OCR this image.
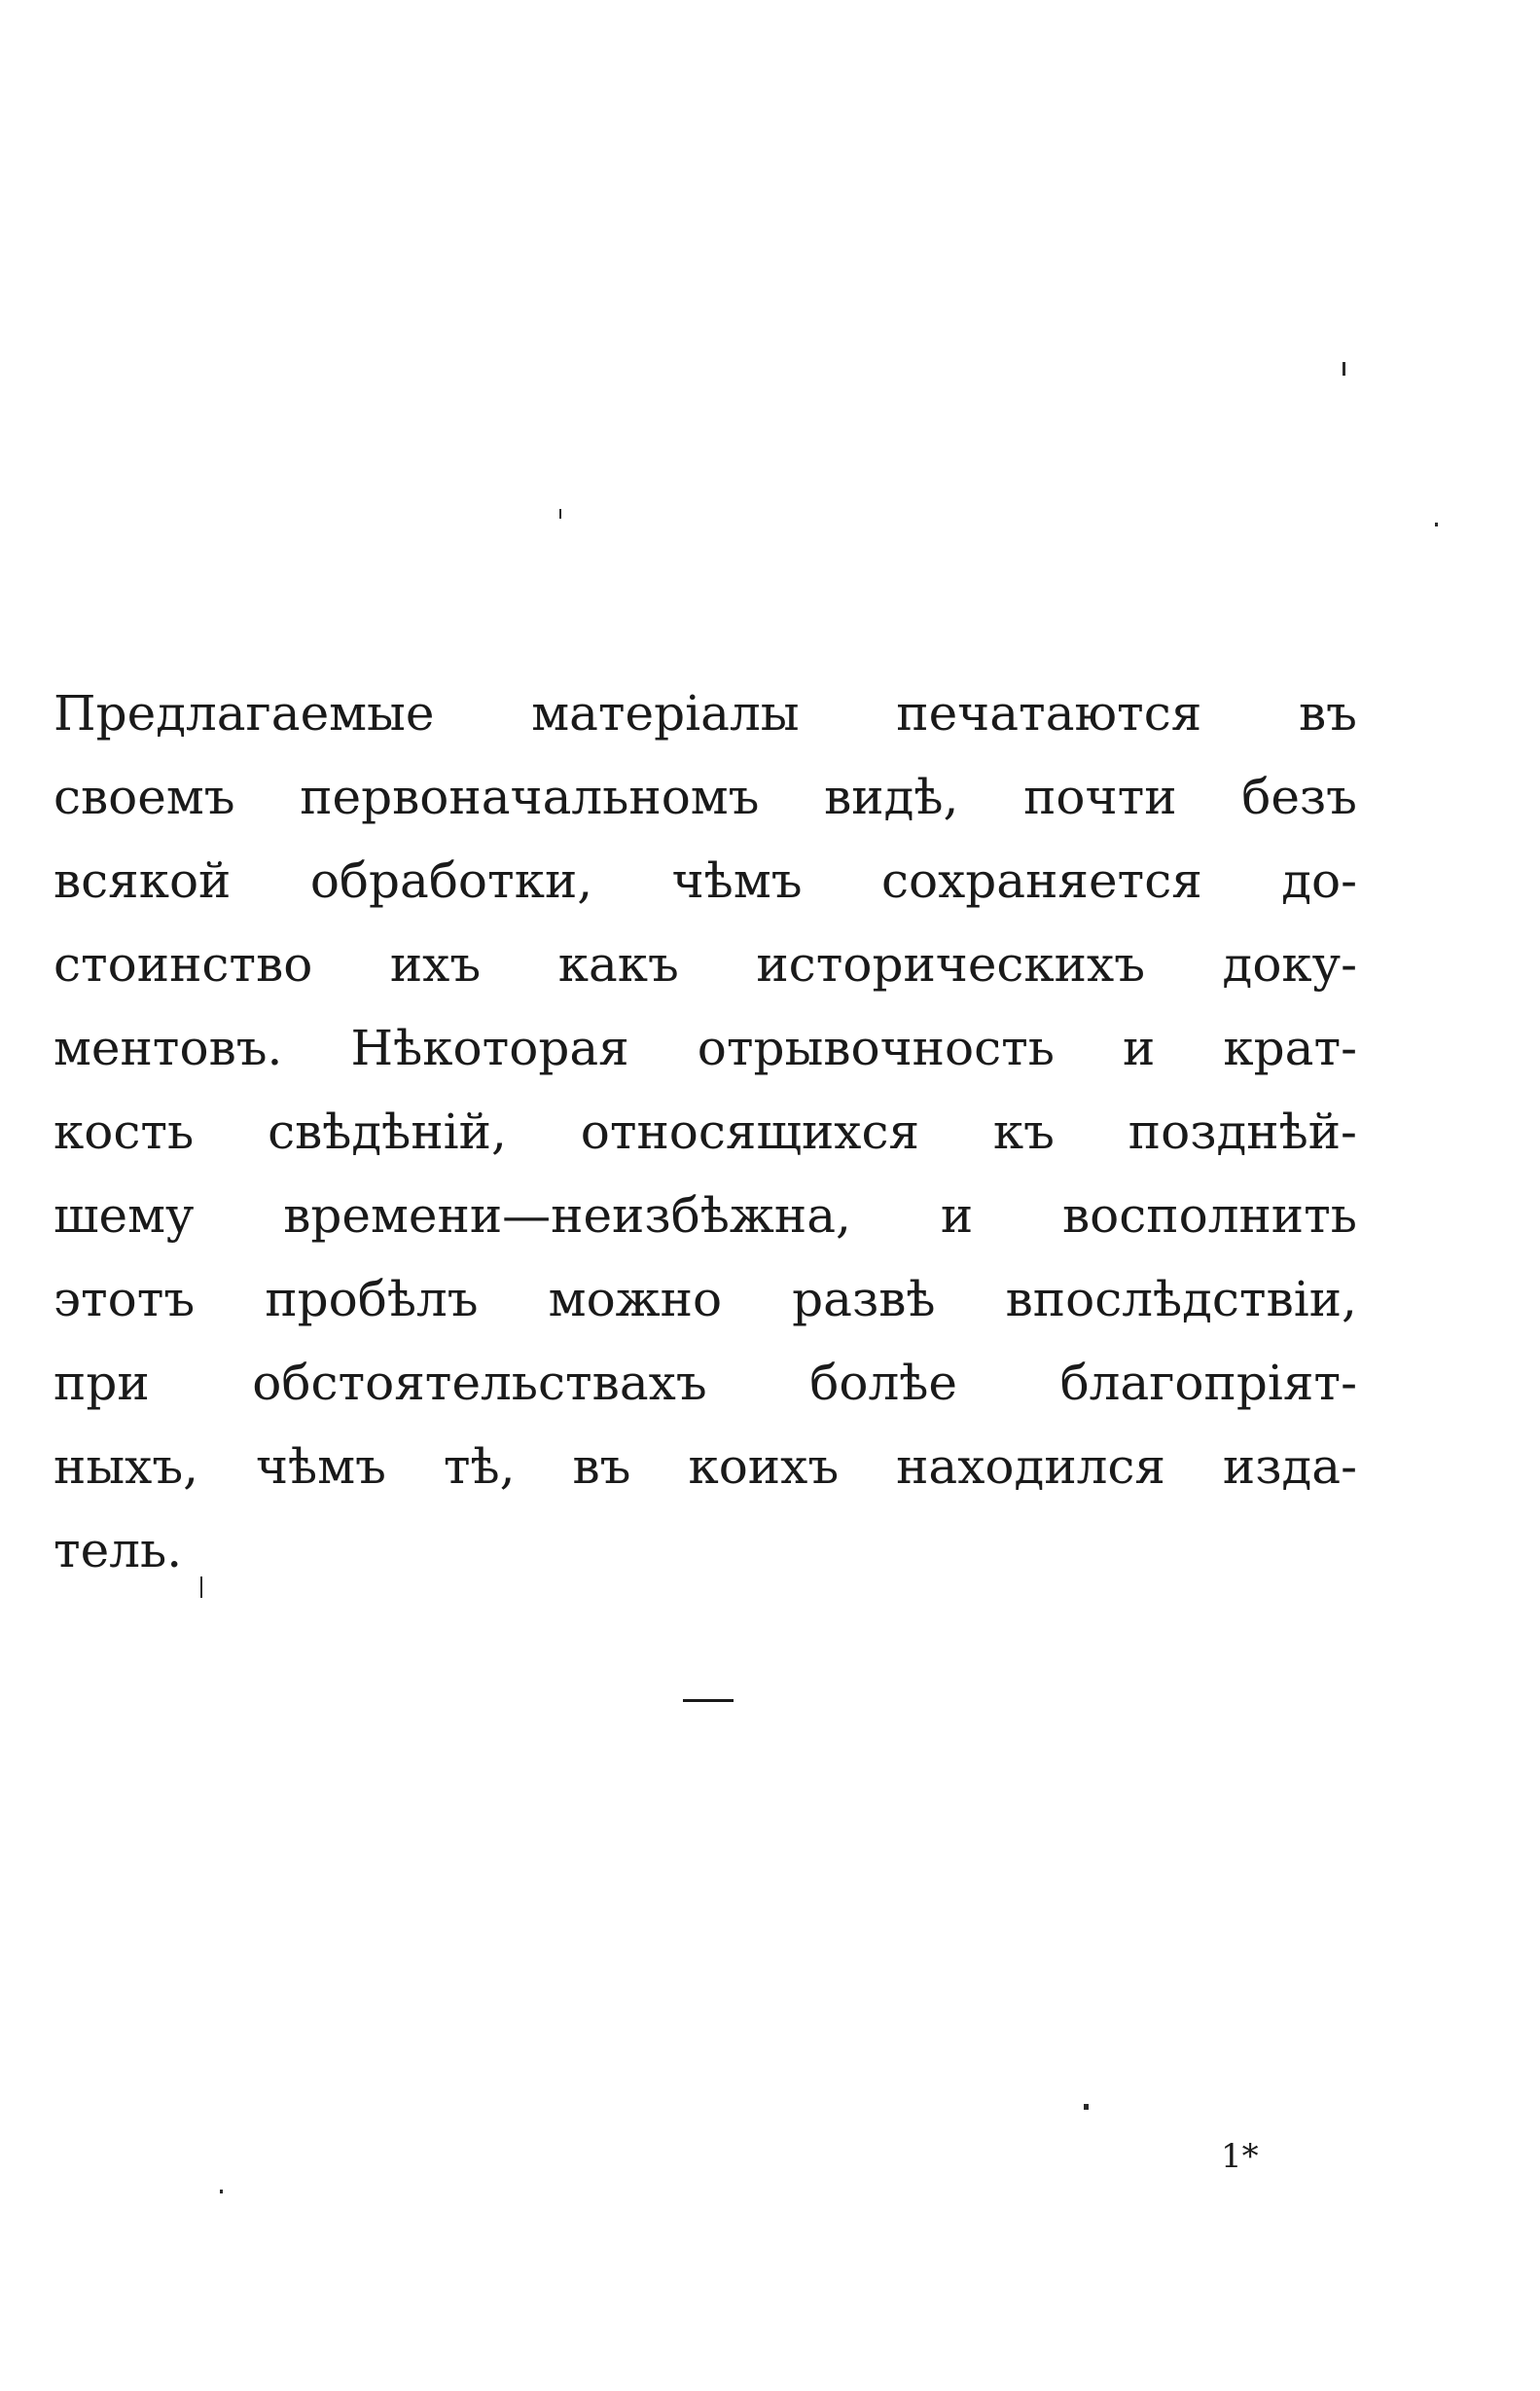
Предлагаемые матеріалы печатаются въ
своемъ первоначальномъ видѣ, почти безъ
всякой обработки, чѣмъ сохраняется до-
стоинство ихъ какъ историческихъ доку-
ментовъ. Нѣкоторая отрывочность и крат-
кость свѣдѣній, относящихся къ позднѣй-
шему времени—неизбѣжна, и восполнить
этотъ пробѣлъ можно развѣ впослѣдствіи,
при обстоятельствахъ болѣе благопріят-
ныхъ, чѣмъ тѣ, въ коихъ находился изда-
тель.
1*
